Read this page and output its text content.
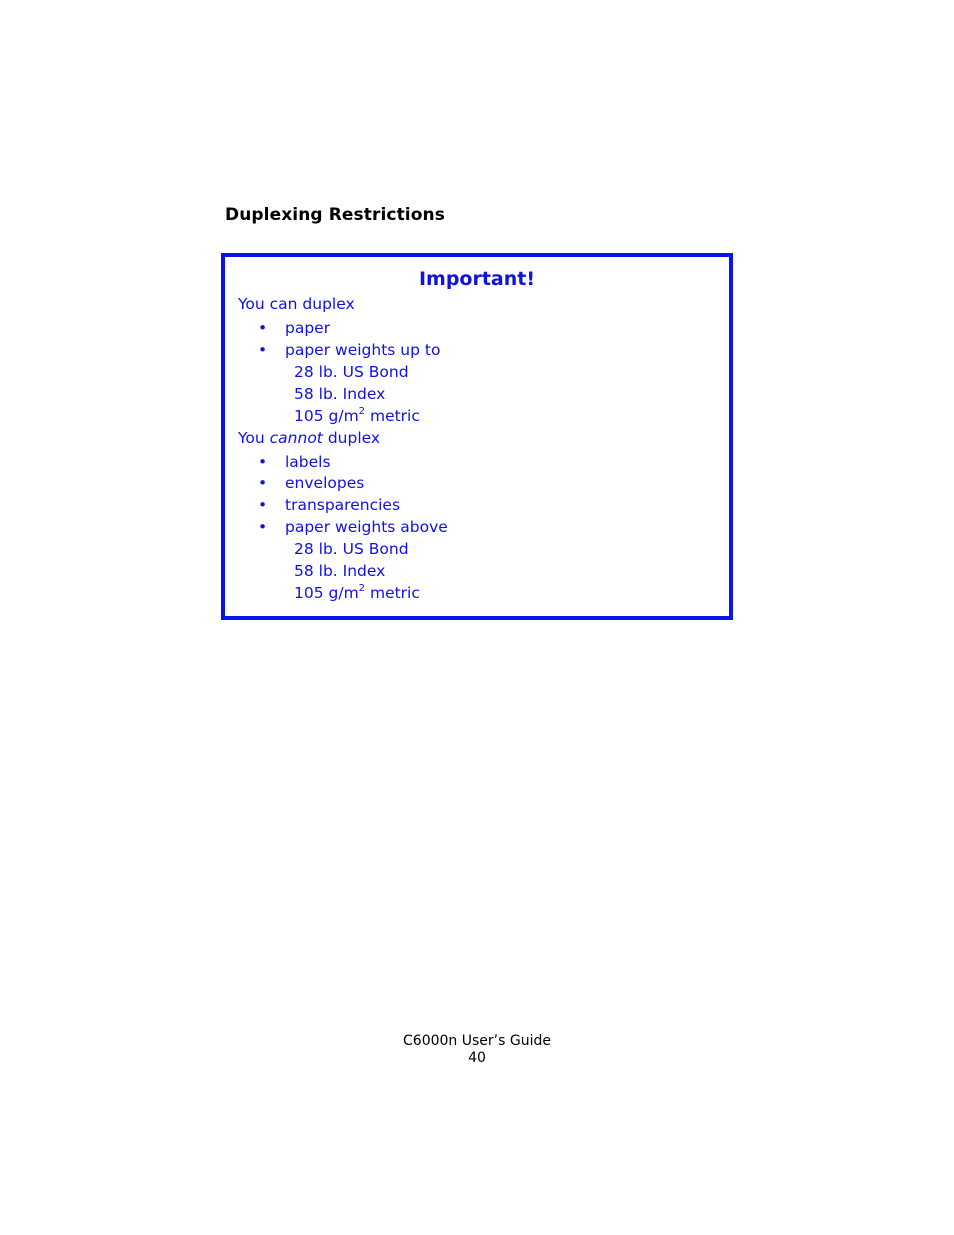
Duplexing Restrictions
Important!
You can duplex
• paper
• paper weights up to
28 lb. US Bond
58 lb. Index
105 $g/m^2$ metric
You cannot duplex
• labels
• envelopes
• transparencies
• paper weights above
28 lb. US Bond
58 lb. Index
105 $g/m^2$ metric
C6000n User’s Guide
40
